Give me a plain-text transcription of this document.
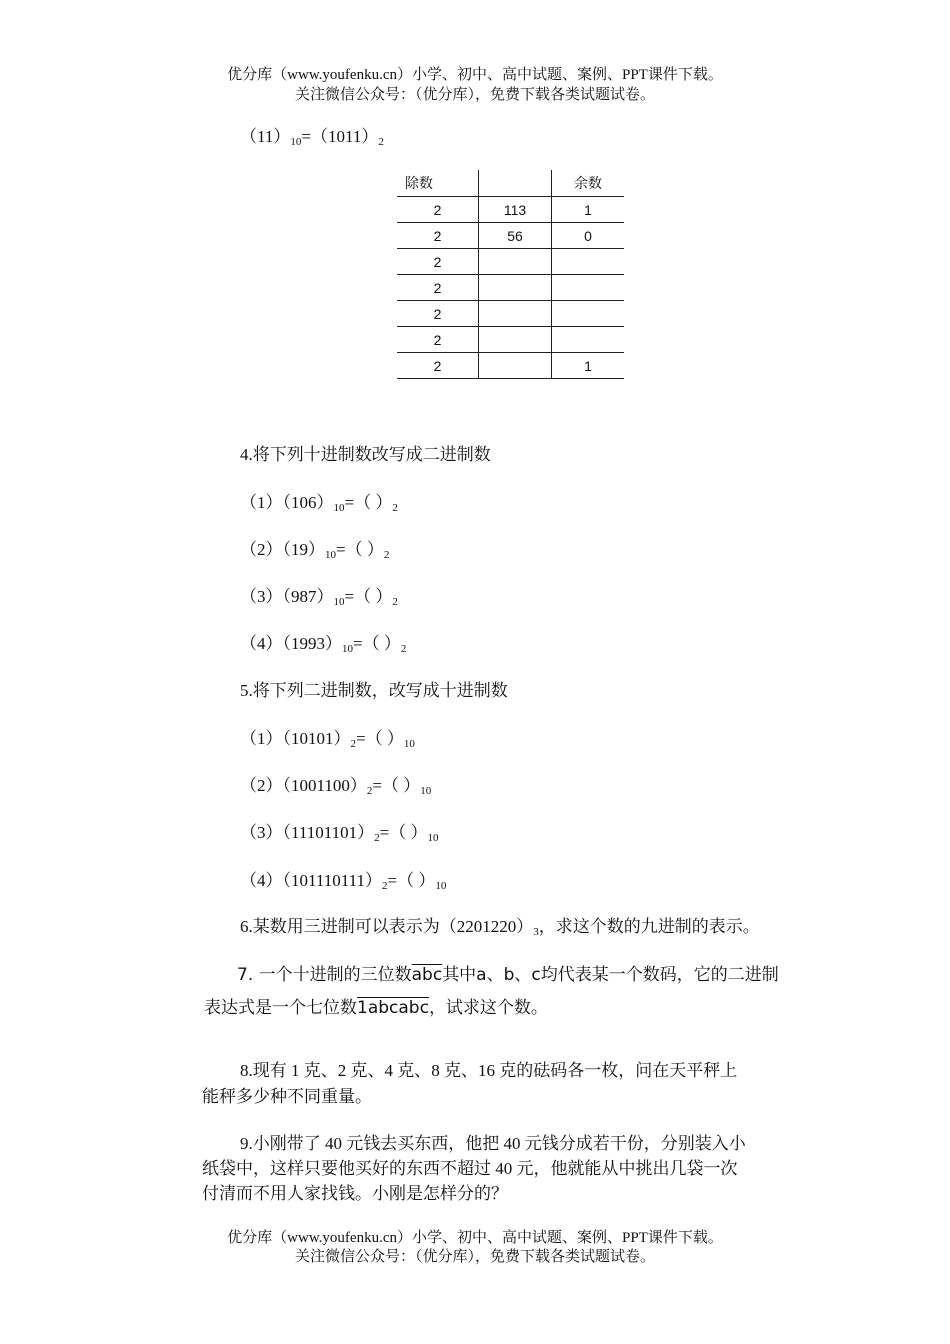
优分库（www.youfenku.cn）小学、初中、高中试题、案例、PPT课件下载。
关注微信公众号：（优分库），免费下载各类试题试卷。
$(11)_{10}=(1011)_2$
除数		余数
2	113	1
2	56	0
2		
2		
2		
2		
2		1
4.将下列十进制数改写成二进制数
$(1)(106)_{10}=$（ ）$_2$
$(2)(19)_{10}=$（ ）$_2$
$(3)(987)_{10}=$（ ）$_2$
$(4)(1993)_{10}=$（ ）$_2$
5.将下列二进制数，改写成十进制数
$(1)(10101)_2=$（ ）$_{10}$
$(2)(1001100)_2=$（ ）$_{10}$
$(3)(11101101)_2=$（ ）$_{10}$
$(4)(101110111)_2=$（ ）$_{10}$
6.某数用三进制可以表示为$(2201220)_3$，求这个数的九进制的表示。
7. 一个十进制的三位数$\overline{abc}$其中a、b、c均代表某一个数码，它的二进制
表达式是一个七位数1abcabc，试求这个数。
8.现有 1 克、2 克、4 克、8 克、16 克的砝码各一枚，问在天平秤上
能秤多少种不同重量。
9.小刚带了 40 元钱去买东西，他把 40 元钱分成若干份，分别装入小
纸袋中，这样只要他买好的东西不超过 40 元，他就能从中挑出几袋一次
付清而不用人家找钱。小刚是怎样分的？
优分库（www.youfenku.cn）小学、初中、高中试题、案例、PPT课件下载。
关注微信公众号：（优分库），免费下载各类试题试卷。
